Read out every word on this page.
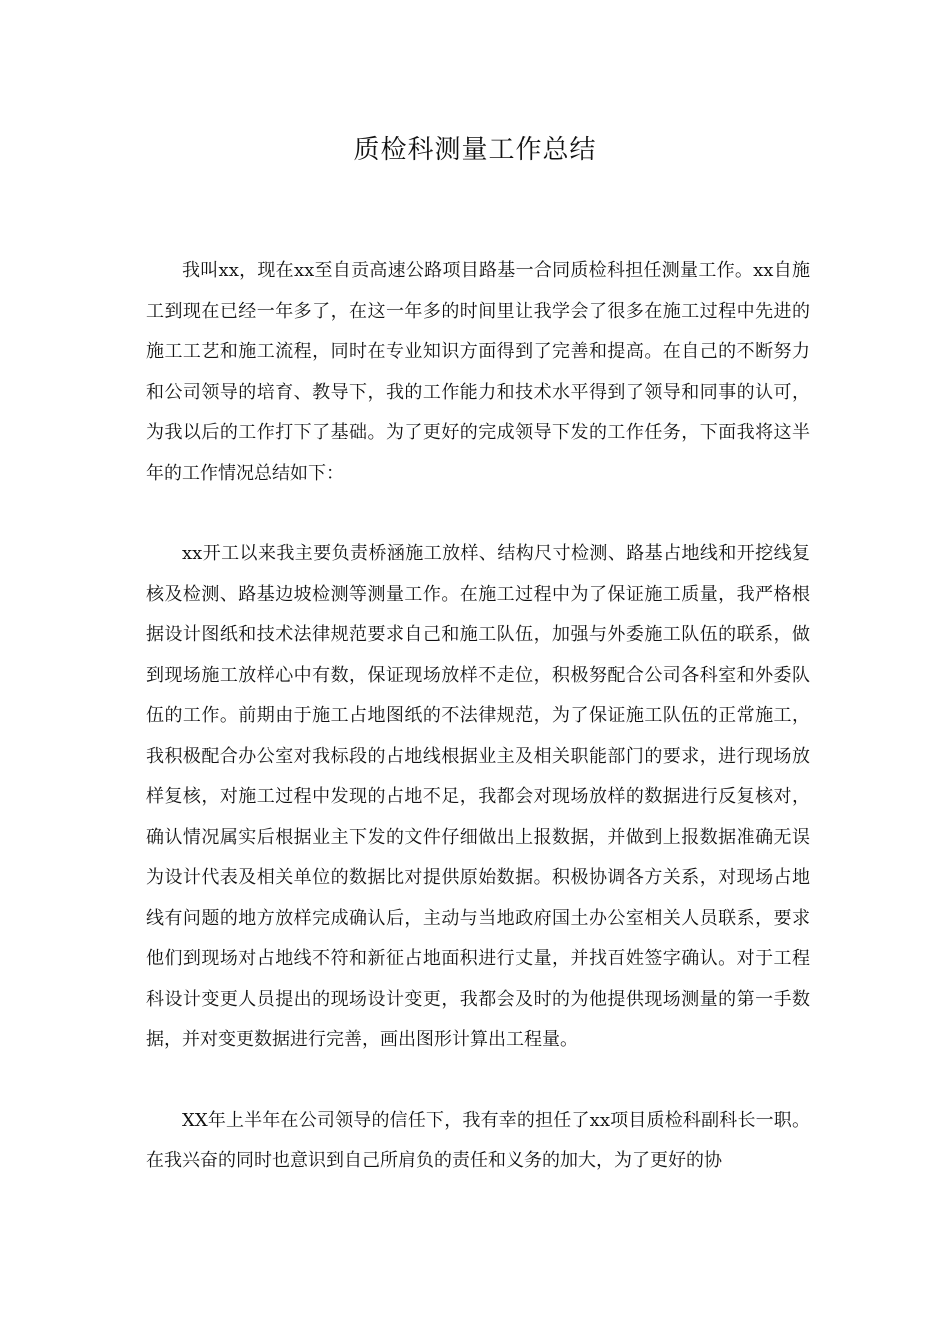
质检科测量工作总结

我叫xx，现在xx至自贡高速公路项目路基一合同质检科担任测量工作。xx自施工到现在已经一年多了，在这一年多的时间里让我学会了很多在施工过程中先进的施工工艺和施工流程，同时在专业知识方面得到了完善和提高。在自己的不断努力和公司领导的培育、教导下，我的工作能力和技术水平得到了领导和同事的认可，为我以后的工作打下了基础。为了更好的完成领导下发的工作任务，下面我将这半年的工作情况总结如下：

xx开工以来我主要负责桥涵施工放样、结构尺寸检测、路基占地线和开挖线复核及检测、路基边坡检测等测量工作。在施工过程中为了保证施工质量，我严格根据设计图纸和技术法律规范要求自己和施工队伍，加强与外委施工队伍的联系，做到现场施工放样心中有数，保证现场放样不走位，积极努配合公司各科室和外委队伍的工作。前期由于施工占地图纸的不法律规范，为了保证施工队伍的正常施工，我积极配合办公室对我标段的占地线根据业主及相关职能部门的要求，进行现场放样复核，对施工过程中发现的占地不足，我都会对现场放样的数据进行反复核对，确认情况属实后根据业主下发的文件仔细做出上报数据，并做到上报数据准确无误为设计代表及相关单位的数据比对提供原始数据。积极协调各方关系，对现场占地线有问题的地方放样完成确认后，主动与当地政府国土办公室相关人员联系，要求他们到现场对占地线不符和新征占地面积进行丈量，并找百姓签字确认。对于工程科设计变更人员提出的现场设计变更，我都会及时的为他提供现场测量的第一手数据，并对变更数据进行完善，画出图形计算出工程量。

XX年上半年在公司领导的信任下，我有幸的担任了xx项目质检科副科长一职。在我兴奋的同时也意识到自己所肩负的责任和义务的加大，为了更好的协
